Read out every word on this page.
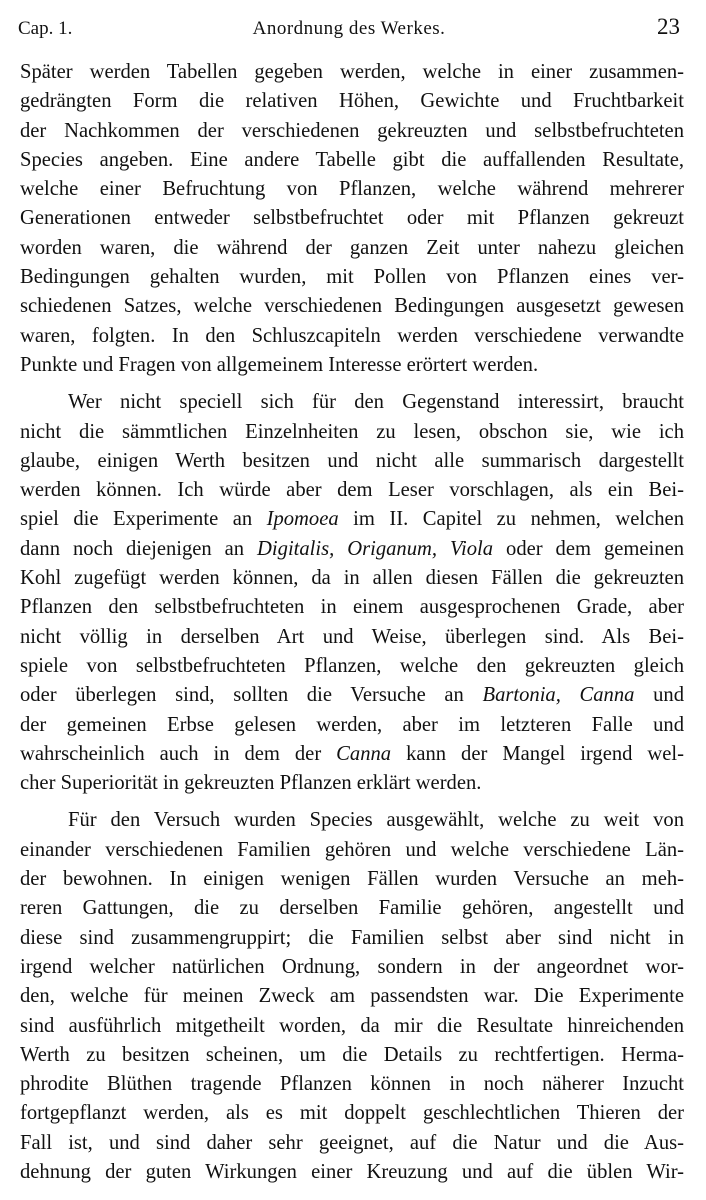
Cap. 1.	Anordnung des Werkes.	23
Später werden Tabellen gegeben werden, welche in einer zusammen-
gedrängten Form die relativen Höhen, Gewichte und Fruchtbarkeit
der Nachkommen der verschiedenen gekreuzten und selbstbefruchteten
Species angeben. Eine andere Tabelle gibt die auffallenden Resultate,
welche einer Befruchtung von Pflanzen, welche während mehrerer
Generationen entweder selbstbefruchtet oder mit Pflanzen gekreuzt
worden waren, die während der ganzen Zeit unter nahezu gleichen
Bedingungen gehalten wurden, mit Pollen von Pflanzen eines ver-
schiedenen Satzes, welche verschiedenen Bedingungen ausgesetzt gewesen
waren, folgten. In den Schluszcapiteln werden verschiedene verwandte
Punkte und Fragen von allgemeinem Interesse erörtert werden.
Wer nicht speciell sich für den Gegenstand interessirt, braucht
nicht die sämmtlichen Einzelnheiten zu lesen, obschon sie, wie ich
glaube, einigen Werth besitzen und nicht alle summarisch dargestellt
werden können. Ich würde aber dem Leser vorschlagen, als ein Bei-
spiel die Experimente an Ipomoea im II. Capitel zu nehmen, welchen
dann noch diejenigen an Digitalis, Origanum, Viola oder dem gemeinen
Kohl zugefügt werden können, da in allen diesen Fällen die gekreuzten
Pflanzen den selbstbefruchteten in einem ausgesprochenen Grade, aber
nicht völlig in derselben Art und Weise, überlegen sind. Als Bei-
spiele von selbstbefruchteten Pflanzen, welche den gekreuzten gleich
oder überlegen sind, sollten die Versuche an Bartonia, Canna und
der gemeinen Erbse gelesen werden, aber im letzteren Falle und
wahrscheinlich auch in dem der Canna kann der Mangel irgend wel-
cher Superiorität in gekreuzten Pflanzen erklärt werden.
Für den Versuch wurden Species ausgewählt, welche zu weit von
einander verschiedenen Familien gehören und welche verschiedene Län-
der bewohnen. In einigen wenigen Fällen wurden Versuche an meh-
reren Gattungen, die zu derselben Familie gehören, angestellt und
diese sind zusammengruppirt; die Familien selbst aber sind nicht in
irgend welcher natürlichen Ordnung, sondern in der angeordnet wor-
den, welche für meinen Zweck am passendsten war. Die Experimente
sind ausführlich mitgetheilt worden, da mir die Resultate hinreichenden
Werth zu besitzen scheinen, um die Details zu rechtfertigen. Herma-
phrodite Blüthen tragende Pflanzen können in noch näherer Inzucht
fortgepflanzt werden, als es mit doppelt geschlechtlichen Thieren der
Fall ist, und sind daher sehr geeignet, auf die Natur und die Aus-
dehnung der guten Wirkungen einer Kreuzung und auf die üblen Wir-
